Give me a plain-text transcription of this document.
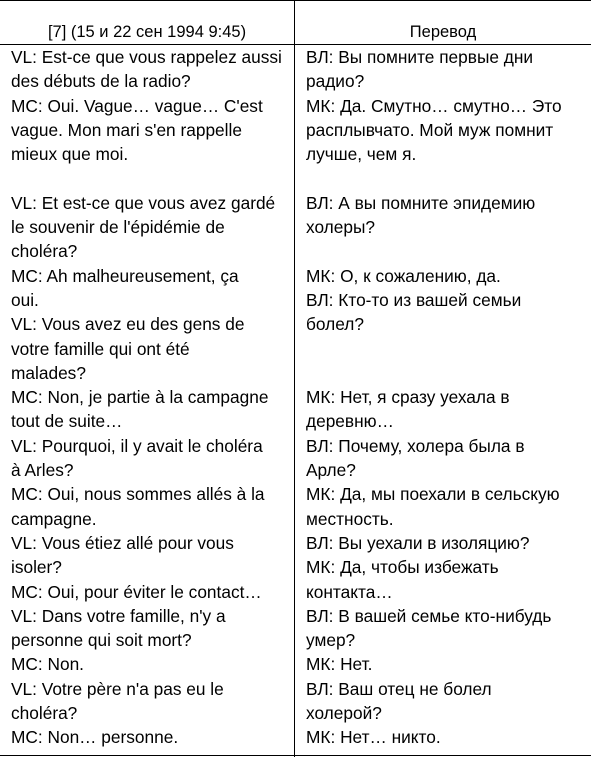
[7] (15 и 22 сен 1994 9:45)	Перевод
VL: Est-ce que vous rappelez aussi
des débuts de la radio?
MC: Oui. Vague… vague… C'est
vague. Mon mari s'en rappelle
mieux que moi.
VL: Et est-ce que vous avez gardé
le souvenir de l'épidémie de
choléra?
MC: Ah malheureusement, ça
oui.
VL: Vous avez eu des gens de
votre famille qui ont été
malades?
MC: Non, je partie à la campagne
tout de suite…
VL: Pourquoi, il y avait le choléra
à Arles?
MC: Oui, nous sommes allés à la
campagne.
VL: Vous étiez allé pour vous
isoler?
MC: Oui, pour éviter le contact…
VL: Dans votre famille, n'y a
personne qui soit mort?
MC: Non.
VL: Votre père n'a pas eu le
choléra?
MC: Non… personne.
ВЛ: Вы помните первые дни
радио?
МК: Да. Смутно… смутно… Это
расплывчато. Мой муж помнит
лучше, чем я.
ВЛ: А вы помните эпидемию
холеры?
МК: О, к сожалению, да.
ВЛ: Кто-то из вашей семьи
болел?
МК: Нет, я сразу уехала в
деревню…
ВЛ: Почему, холера была в
Арле?
МК: Да, мы поехали в сельскую
местность.
ВЛ: Вы уехали в изоляцию?
МК: Да, чтобы избежать
контакта…
ВЛ: В вашей семье кто-нибудь
умер?
МК: Нет.
ВЛ: Ваш отец не болел
холерой?
МК: Нет… никто.
